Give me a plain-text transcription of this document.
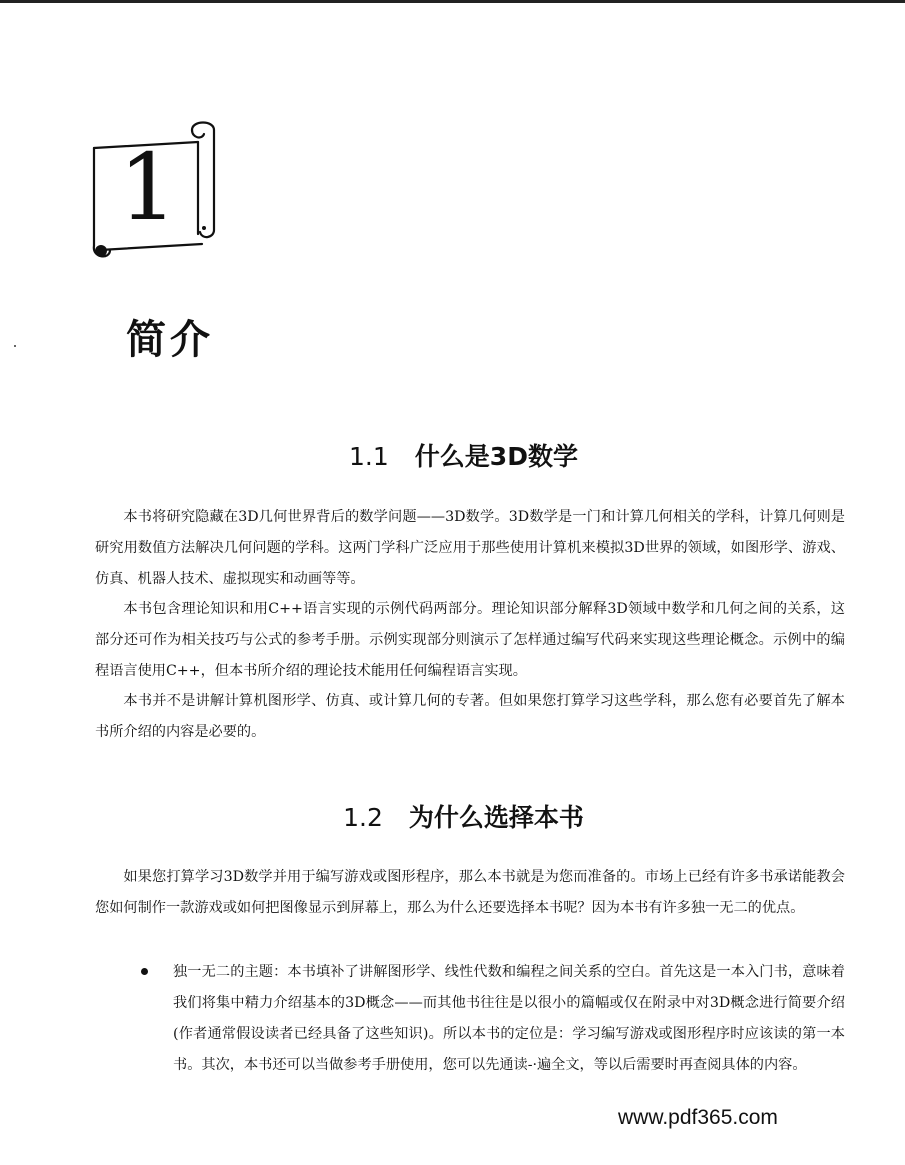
1
简介
1.1 什么是3D数学

本书将研究隐藏在3D几何世界背后的数学问题——3D数学。3D数学是一门和计算几何相关的学科，计算几何则是研究用数值方法解决几何问题的学科。这两门学科广泛应用于那些使用计算机来模拟3D世界的领域，如图形学、游戏、仿真、机器人技术、虚拟现实和动画等等。

本书包含理论知识和用C++语言实现的示例代码两部分。理论知识部分解释3D领域中数学和几何之间的关系，这部分还可作为相关技巧与公式的参考手册。示例实现部分则演示了怎样通过编写代码来实现这些理论概念。示例中的编程语言使用C++，但本书所介绍的理论技术能用任何编程语言实现。

本书并不是讲解计算机图形学、仿真、或计算几何的专著。但如果您打算学习这些学科，那么您有必要首先了解本书所介绍的内容是必要的。

1.2 为什么选择本书

如果您打算学习3D数学并用于编写游戏或图形程序，那么本书就是为您而准备的。市场上已经有许多书承诺能教会您如何制作一款游戏或如何把图像显示到屏幕上，那么为什么还要选择本书呢？因为本书有许多独一无二的优点。

独一无二的主题：本书填补了讲解图形学、线性代数和编程之间关系的空白。首先这是一本入门书，意味着我们将集中精力介绍基本的3D概念——而其他书往往是以很小的篇幅或仅在附录中对3D概念进行简要介绍(作者通常假设读者已经具备了这些知识)。所以本书的定位是：学习编写游戏或图形程序时应该读的第一本书。其次，本书还可以当做参考手册使用，您可以先通读-·遍全文，等以后需要时再查阅具体的内容。

www.pdf365.com
